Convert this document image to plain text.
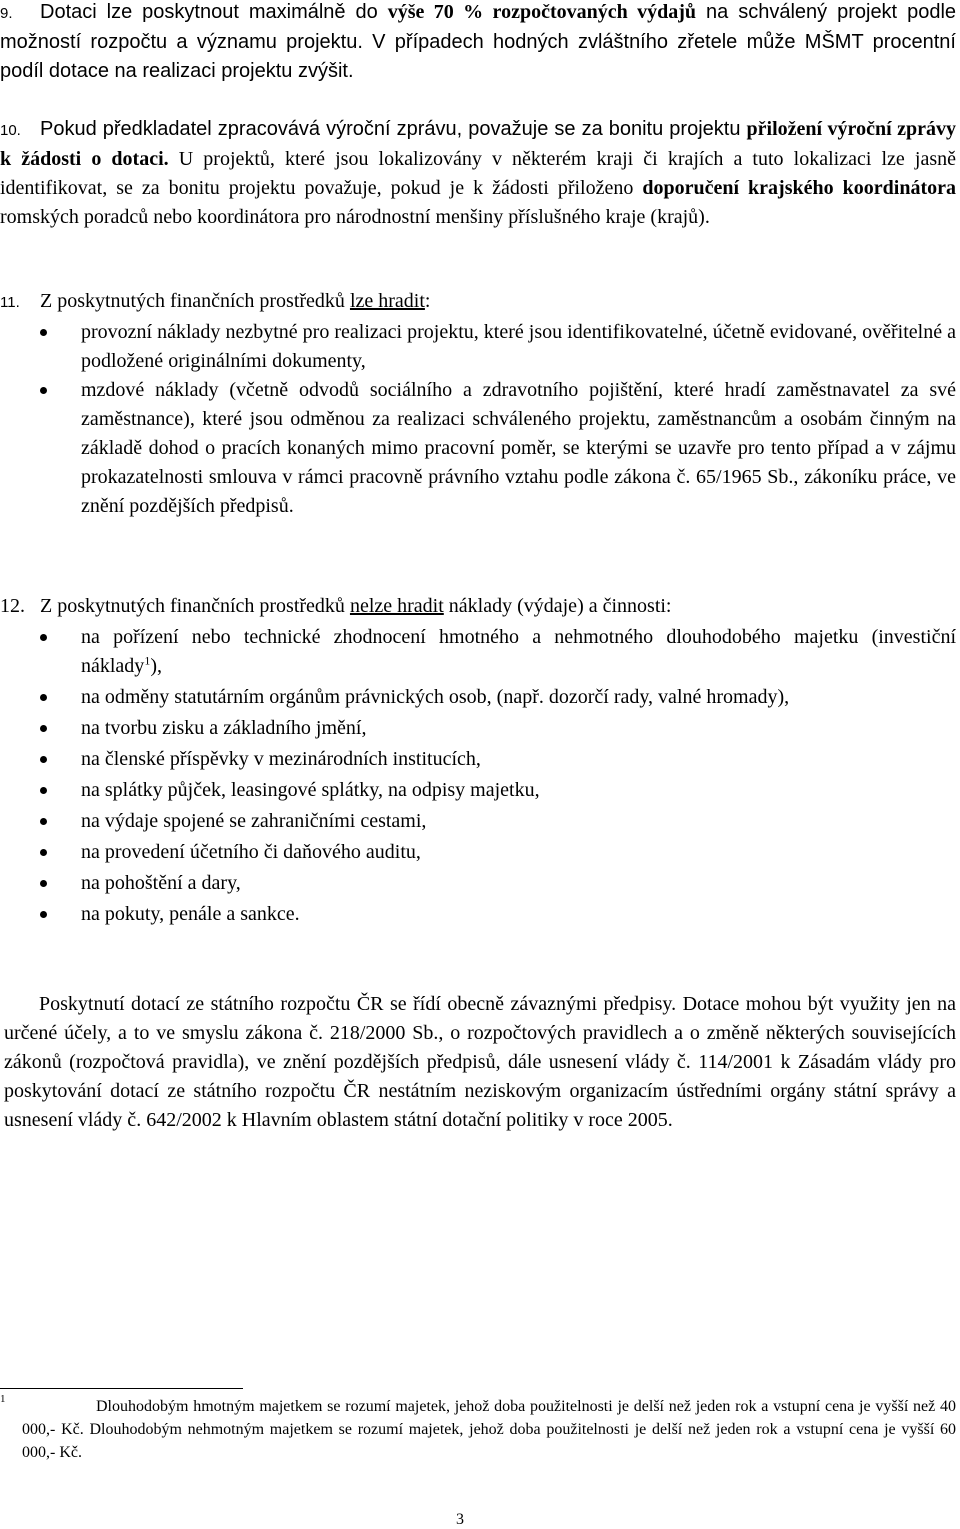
9. Dotaci lze poskytnout maximálně do výše 70 % rozpočtovaných výdajů na schválený projekt podle možností rozpočtu a významu projektu. V případech hodných zvláštního zřetele může MŠMT procentní podíl dotace na realizaci projektu zvýšit.
10. Pokud předkladatel zpracovává výroční zprávu, považuje se za bonitu projektu přiložení výroční zprávy k žádosti o dotaci. U projektů, které jsou lokalizovány v některém kraji či krajích a tuto lokalizaci lze jasně identifikovat, se za bonitu projektu považuje, pokud je k žádosti přiloženo doporučení krajského koordinátora romských poradců nebo koordinátora pro národnostní menšiny příslušného kraje (krajů).
11. Z poskytnutých finančních prostředků lze hradit:
provozní náklady nezbytné pro realizaci projektu, které jsou identifikovatelné, účetně evidované, ověřitelné a podložené originálními dokumenty,
mzdové náklady (včetně odvodů sociálního a zdravotního pojištění, které hradí zaměstnavatel za své zaměstnance), které jsou odměnou za realizaci schváleného projektu, zaměstnancům a osobám činným na základě dohod o pracích konaných mimo pracovní poměr, se kterými se uzavře pro tento případ a v zájmu prokazatelnosti smlouva v rámci pracovně právního vztahu podle zákona č. 65/1965 Sb., zákoníku práce, ve znění pozdějších předpisů.
12. Z poskytnutých finančních prostředků nelze hradit náklady (výdaje) a činnosti:
na pořízení nebo technické zhodnocení hmotného a nehmotného dlouhodobého majetku (investiční náklady$^1$),
na odměny statutárním orgánům právnických osob, (např. dozorčí rady, valné hromady),
na tvorbu zisku a základního jmění,
na členské příspěvky v mezinárodních institucích,
na splátky půjček, leasingové splátky, na odpisy majetku,
na výdaje spojené se zahraničními cestami,
na provedení účetního či daňového auditu,
na pohoštění a dary,
na pokuty, penále a sankce.
Poskytnutí dotací ze státního rozpočtu ČR se řídí obecně závaznými předpisy. Dotace mohou být využity jen na určené účely, a to ve smyslu zákona č. 218/2000 Sb., o rozpočtových pravidlech a o změně některých souvisejících zákonů (rozpočtová pravidla), ve znění pozdějších předpisů, dále usnesení vlády č. 114/2001 k Zásadám vlády pro poskytování dotací ze státního rozpočtu ČR nestátním neziskovým organizacím ústředními orgány státní správy a usnesení vlády č. 642/2002 k Hlavním oblastem státní dotační politiky v roce 2005.
1	Dlouhodobým hmotným majetkem se rozumí majetek, jehož doba použitelnosti je delší než jeden rok a vstupní cena je vyšší než 40 000,- Kč. Dlouhodobým nehmotným majetkem se rozumí majetek, jehož doba použitelnosti je delší než jeden rok a vstupní cena je vyšší 60 000,- Kč.
3
